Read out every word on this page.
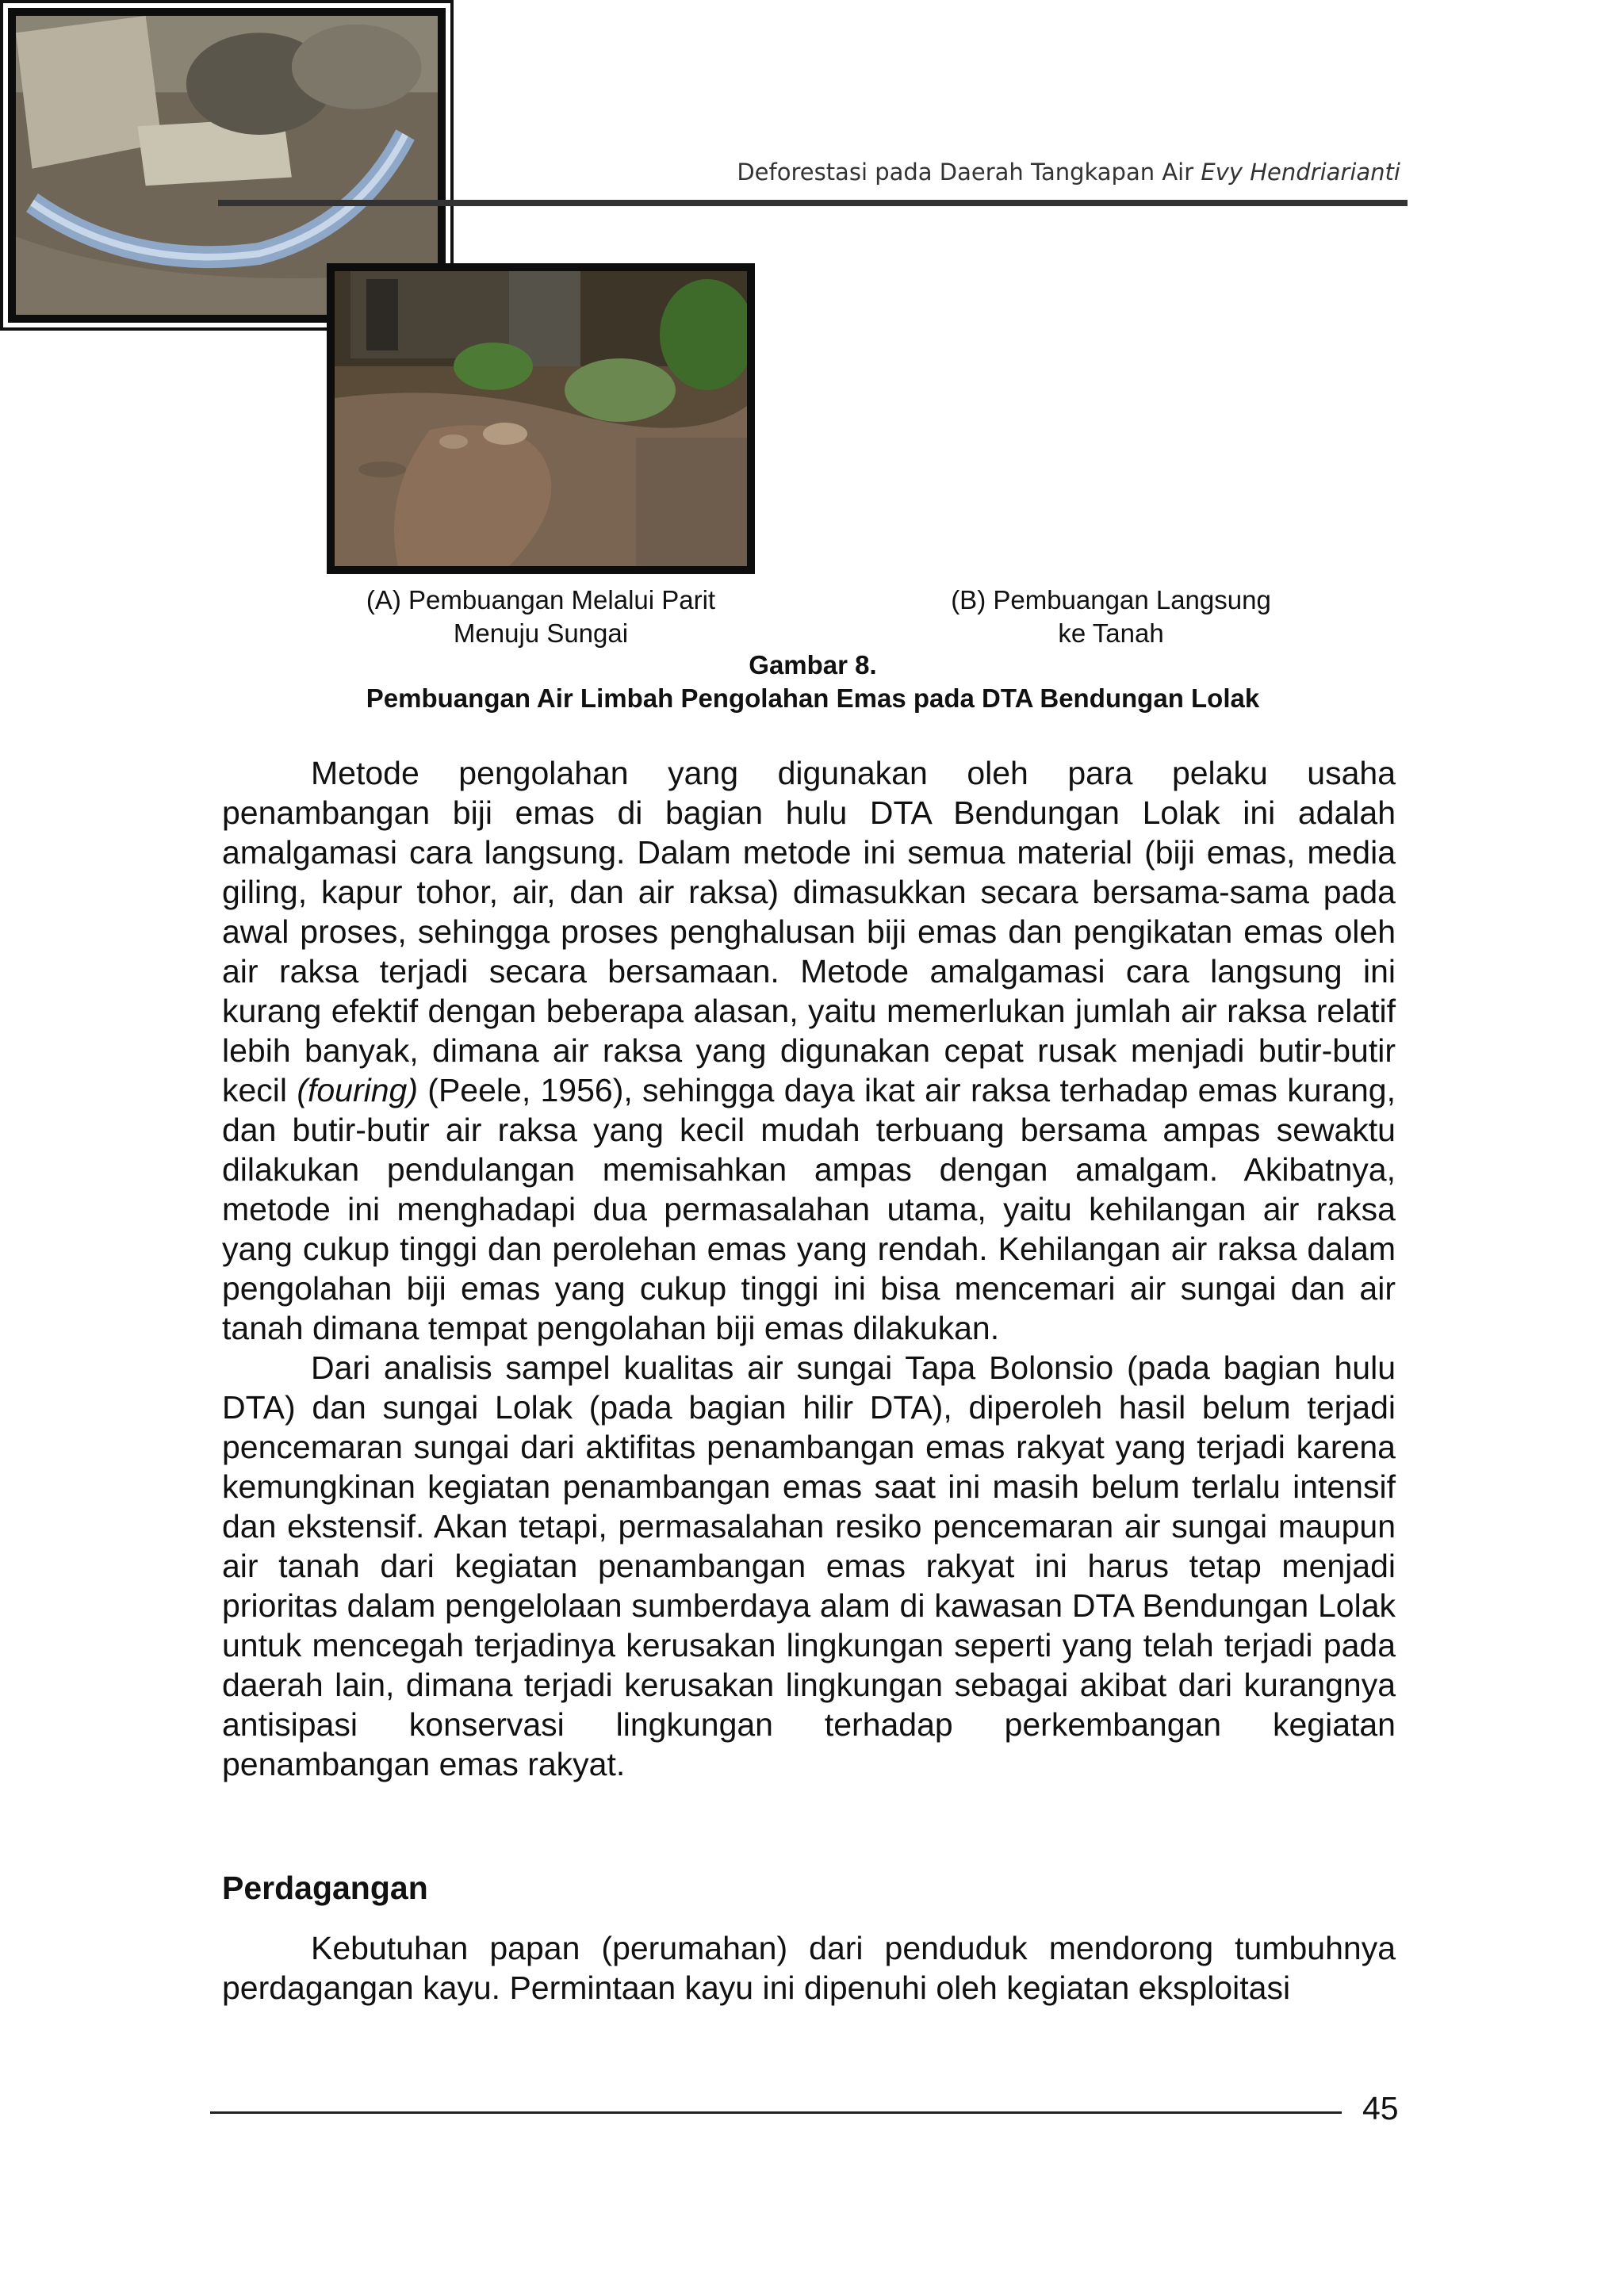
Deforestasi pada Daerah Tangkapan Air Evy Hendriarianti
(A) Pembuangan Melalui Parit
Menuju Sungai
(B) Pembuangan Langsung
ke Tanah
Gambar 8.
Pembuangan Air Limbah Pengolahan Emas pada DTA Bendungan Lolak

Metode pengolahan yang digunakan oleh para pelaku usaha penambangan biji emas di bagian hulu DTA Bendungan Lolak ini adalah amalgamasi cara langsung. Dalam metode ini semua material (biji emas, media giling, kapur tohor, air, dan air raksa) dimasukkan secara bersama-sama pada awal proses, sehingga proses penghalusan biji emas dan pengikatan emas oleh air raksa terjadi secara bersamaan. Metode amalgamasi cara langsung ini kurang efektif dengan beberapa alasan, yaitu memerlukan jumlah air raksa relatif lebih banyak, dimana air raksa yang digunakan cepat rusak menjadi butir-butir kecil (fouring) (Peele, 1956), sehingga daya ikat air raksa terhadap emas kurang, dan butir-butir air raksa yang kecil mudah terbuang bersama ampas sewaktu dilakukan pendulangan memisahkan ampas dengan amalgam. Akibatnya, metode ini menghadapi dua permasalahan utama, yaitu kehilangan air raksa yang cukup tinggi dan perolehan emas yang rendah. Kehilangan air raksa dalam pengolahan biji emas yang cukup tinggi ini bisa mencemari air sungai dan air tanah dimana tempat pengolahan biji emas dilakukan.

Dari analisis sampel kualitas air sungai Tapa Bolonsio (pada bagian hulu DTA) dan sungai Lolak (pada bagian hilir DTA), diperoleh hasil belum terjadi pencemaran sungai dari aktifitas penambangan emas rakyat yang terjadi karena kemungkinan kegiatan penambangan emas saat ini masih belum terlalu intensif dan ekstensif. Akan tetapi, permasalahan resiko pencemaran air sungai maupun air tanah dari kegiatan penambangan emas rakyat ini harus tetap menjadi prioritas dalam pengelolaan sumberdaya alam di kawasan DTA Bendungan Lolak untuk mencegah terjadinya kerusakan lingkungan seperti yang telah terjadi pada daerah lain, dimana terjadi kerusakan lingkungan sebagai akibat dari kurangnya antisipasi konservasi lingkungan terhadap perkembangan kegiatan penambangan emas rakyat.

Perdagangan

Kebutuhan papan (perumahan) dari penduduk mendorong tumbuhnya perdagangan kayu. Permintaan kayu ini dipenuhi oleh kegiatan eksploitasi

45
